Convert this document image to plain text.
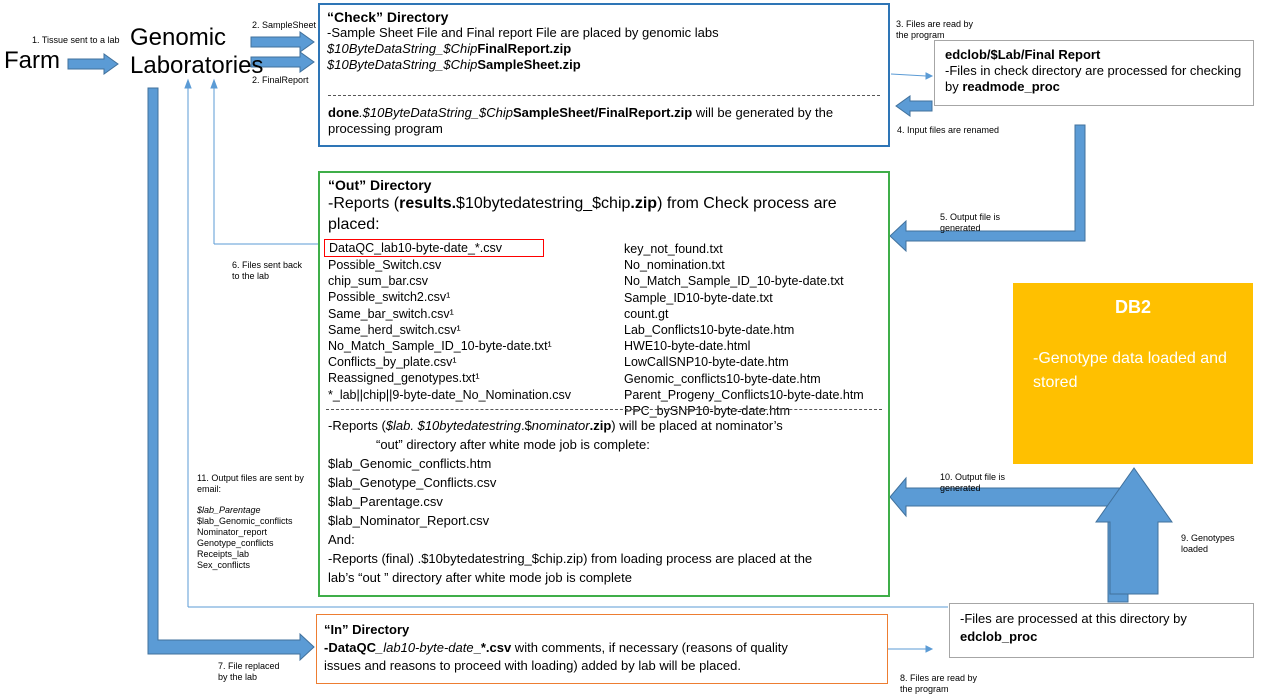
Farm
Genomic Laboratories
1. Tissue sent to a lab
2. SampleSheet
2. FinalReport
3. Files are read by the program
4. Input files are renamed
5. Output file is generated
6. Files sent back to the lab
7. File replaced by the lab	8. Files are read by the program
9. Genotypes loaded
10. Output file is generated
11. Output files are sent by email:
$lab_Parentage
$lab_Genomic_conflicts
Nominator_report
Genotype_conflicts
Receipts_lab
Sex_conflicts
“Check” Directory
-Sample Sheet File and Final report File are placed by genomic labs
$10ByteDataString_$ChipFinalReport.zip
$10ByteDataString_$ChipSampleSheet.zip
done.$10ByteDataString_$ChipSampleSheet/FinalReport.zip will be generated by the processing program
edclob/$Lab/Final Report
-Files in check directory are processed for checking by readmode_proc
“Out” Directory
-Reports (results.$10bytedatestring_$chip.zip) from Check process are placed:
DataQC_lab10-byte-date_*.csv
Possible_Switch.csv
chip_sum_bar.csv
Possible_switch2.csv¹
Same_bar_switch.csv¹
Same_herd_switch.csv¹
No_Match_Sample_ID_10-byte-date.txt¹
Conflicts_by_plate.csv¹
Reassigned_genotypes.txt¹
*_lab||chip||9-byte-date_No_Nomination.csv
key_not_found.txt
No_nomination.txt
No_Match_Sample_ID_10-byte-date.txt
Sample_ID10-byte-date.txt
count.gt
Lab_Conflicts10-byte-date.htm
HWE10-byte-date.html
LowCallSNP10-byte-date.htm
Genomic_conflicts10-byte-date.htm
Parent_Progeny_Conflicts10-byte-date.htm
PPC_bySNP10-byte-date.htm
-Reports ($lab. $10bytedatestring.$nominator.zip) will be placed at nominator’s
“out” directory after white mode job is complete:
$lab_Genomic_conflicts.htm
$lab_Genotype_Conflicts.csv
$lab_Parentage.csv
$lab_Nominator_Report.csv
And:
-Reports (final) .$10bytedatestring_$chip.zip) from loading process are placed at the
lab’s “out ” directory after white mode job is complete
DB2
-Genotype data loaded and stored
“In” Directory
-DataQC_lab10-byte-date_*.csv with comments, if necessary (reasons of quality
issues and reasons to proceed with loading) added by lab will be placed.
-Files are processed at this directory by
edclob_proc
